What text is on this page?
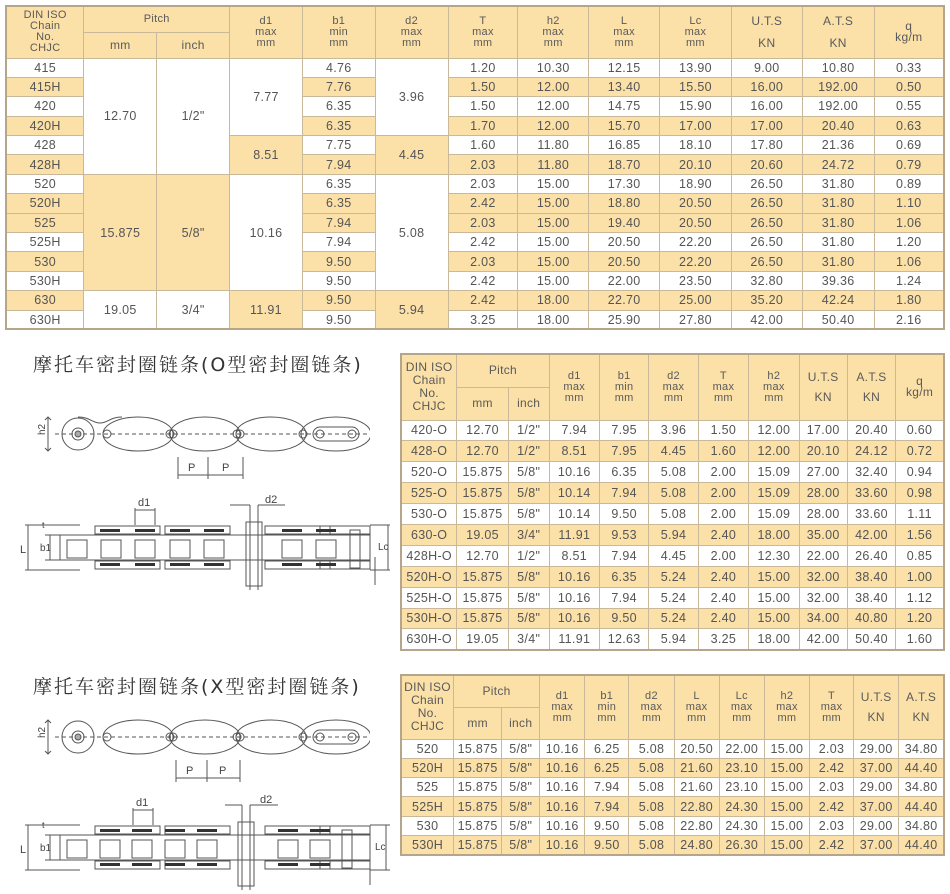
DIN ISO
Chain
No.
CHJC	Pitch		d1
max
mm	b1
min
mm	d2
max
mm	T
max
mm	h2
max
mm	L
max
mm	Lc
max
mm	U.T.S
KN	A.T.S
KN	q
kg/m
	mm	inch										
415	12.70	1/2"	7.77	4.76	3.96	1.20	10.30	12.15	13.90	9.00	10.80	0.33
415H				7.76		1.50	12.00	13.40	15.50	16.00	192.00	0.50
420				6.35		1.50	12.00	14.75	15.90	16.00	192.00	0.55
420H				6.35		1.70	12.00	15.70	17.00	17.00	20.40	0.63
428			8.51	7.75	4.45	1.60	11.80	16.85	18.10	17.80	21.36	0.69
428H				7.94		2.03	11.80	18.70	20.10	20.60	24.72	0.79
520	15.875	5/8"	10.16	6.35	5.08	2.03	15.00	17.30	18.90	26.50	31.80	0.89
520H				6.35		2.42	15.00	18.80	20.50	26.50	31.80	1.10
525				7.94		2.03	15.00	19.40	20.50	26.50	31.80	1.06
525H				7.94		2.42	15.00	20.50	22.20	26.50	31.80	1.20
530				9.50		2.03	15.00	20.50	22.20	26.50	31.80	1.06
530H				9.50		2.42	15.00	22.00	23.50	32.80	39.36	1.24
630	19.05	3/4"	11.91	9.50	5.94	2.42	18.00	22.70	25.00	35.20	42.24	1.80
630H				9.50		3.25	18.00	25.90	27.80	42.00	50.40	2.16
摩托车密封圈链条(O型密封圈链条)
h2
P P
d1	d2
L b1
t
Lc
DIN ISO
Chain
No.
CHJC	Pitch		d1
max
mm	b1
min
mm	d2
max
mm	T
max
mm	h2
max
mm	U.T.S
KN	A.T.S
KN	q
kg/m
	mm	inch								
420-O	12.70	1/2"	7.94	7.95	3.96	1.50	12.00	17.00	20.40	0.60
428-O	12.70	1/2"	8.51	7.95	4.45	1.60	12.00	20.10	24.12	0.72
520-O	15.875	5/8"	10.16	6.35	5.08	2.00	15.09	27.00	32.40	0.94
525-O	15.875	5/8"	10.14	7.94	5.08	2.00	15.09	28.00	33.60	0.98
530-O	15.875	5/8"	10.14	9.50	5.08	2.00	15.09	28.00	33.60	1.11
630-O	19.05	3/4"	11.91	9.53	5.94	2.40	18.00	35.00	42.00	1.56
428H-O	12.70	1/2"	8.51	7.94	4.45	2.00	12.30	22.00	26.40	0.85
520H-O	15.875	5/8"	10.16	6.35	5.24	2.40	15.00	32.00	38.40	1.00
525H-O	15.875	5/8"	10.16	7.94	5.24	2.40	15.00	32.00	38.40	1.12
530H-O	15.875	5/8"	10.16	9.50	5.24	2.40	15.00	34.00	40.80	1.20
630H-O	19.05	3/4"	11.91	12.63	5.94	3.25	18.00	42.00	50.40	1.60
摩托车密封圈链条(X型密封圈链条)
h2
P P
d1	d2
L b1
t
Lc
DIN ISO
Chain
No.
CHJC	Pitch		d1
max
mm	b1
min
mm	d2
max
mm	L
max
mm	Lc
max
mm	h2
max
mm	T
max
mm	U.T.S
KN	A.T.S
KN
	mm	inch									
520	15.875	5/8"	10.16	6.25	5.08	20.50	22.00	15.00	2.03	29.00	34.80
520H	15.875	5/8"	10.16	6.25	5.08	21.60	23.10	15.00	2.42	37.00	44.40
525	15.875	5/8"	10.16	7.94	5.08	21.60	23.10	15.00	2.03	29.00	34.80
525H	15.875	5/8"	10.16	7.94	5.08	22.80	24.30	15.00	2.42	37.00	44.40
530	15.875	5/8"	10.16	9.50	5.08	22.80	24.30	15.00	2.03	29.00	34.80
530H	15.875	5/8"	10.16	9.50	5.08	24.80	26.30	15.00	2.42	37.00	44.40
